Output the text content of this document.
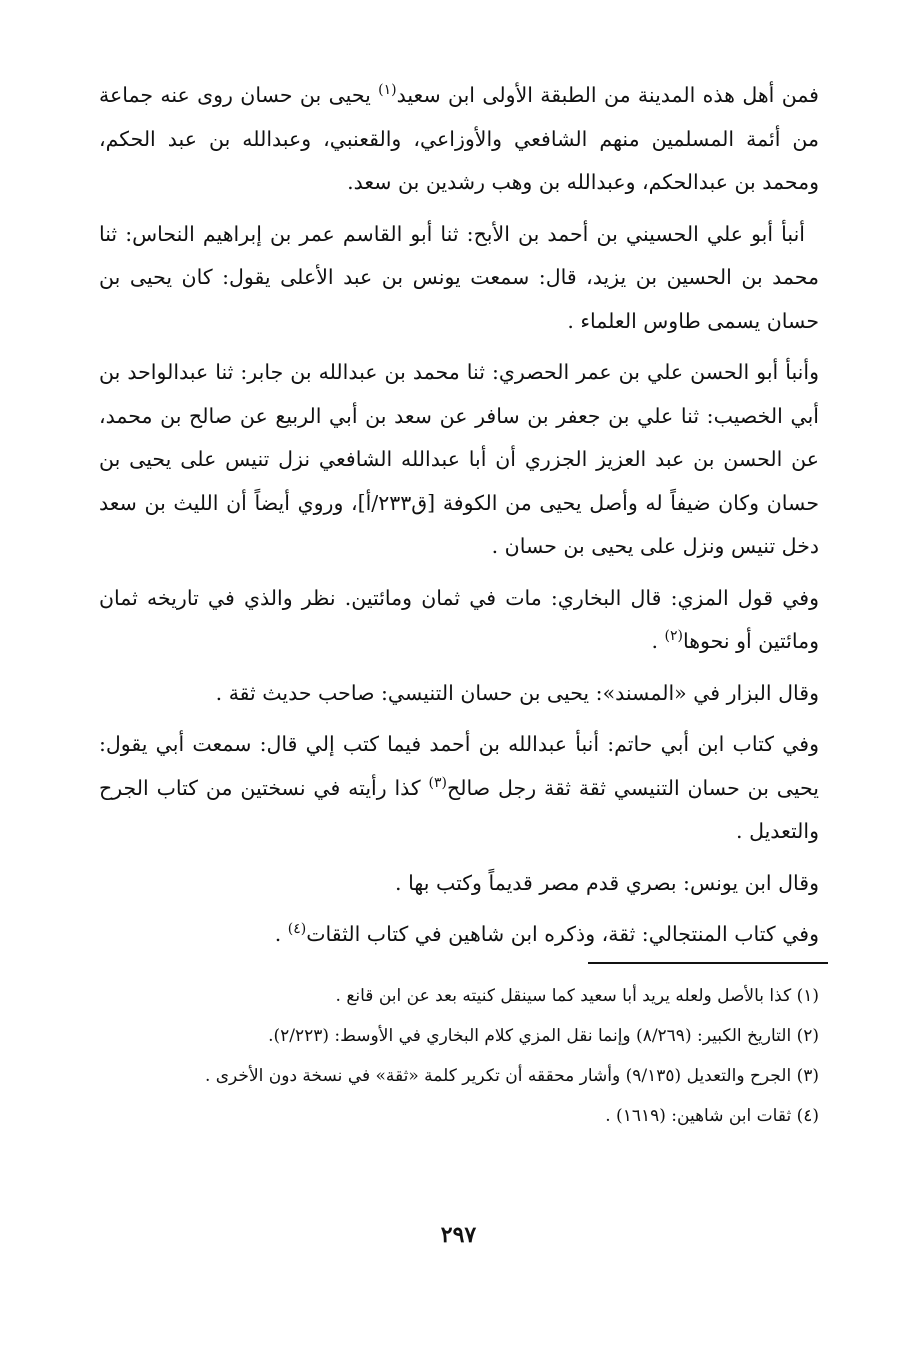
فمن أهل هذه المدينة من الطبقة الأولى ابن سعيد$^{(١)}$ يحيى بن حسان روى عنه جماعة من أئمة المسلمين منهم الشافعي والأوزاعي، والقعنبي، وعبدالله بن عبد الحكم، ومحمد بن عبدالحكم، وعبدالله بن وهب رشدين بن سعد.

أنبأ أبو علي الحسيني بن أحمد بن الأبح: ثنا أبو القاسم عمر بن إبراهيم النحاس: ثنا محمد بن الحسين بن يزيد، قال: سمعت يونس بن عبد الأعلى يقول: كان يحيى بن حسان يسمى طاوس العلماء .

وأنبأ أبو الحسن علي بن عمر الحصري: ثنا محمد بن عبدالله بن جابر: ثنا عبدالواحد بن أبي الخصيب: ثنا علي بن جعفر بن سافر عن سعد بن أبي الربيع عن صالح بن محمد، عن الحسن بن عبد العزيز الجزري أن أبا عبدالله الشافعي نزل تنيس على يحيى بن حسان وكان ضيفاً له وأصل يحيى من الكوفة [ق٢٣٣/أ]، وروي أيضاً أن الليث بن سعد دخل تنيس ونزل على يحيى بن حسان .

وفي قول المزي: قال البخاري: مات في ثمان ومائتين. نظر والذي في تاريخه ثمان ومائتين أو نحوها$^{(٢)}$ .

وقال البزار في «المسند»: يحيى بن حسان التنيسي: صاحب حديث ثقة .

وفي كتاب ابن أبي حاتم: أنبأ عبدالله بن أحمد فيما كتب إلي قال: سمعت أبي يقول: يحيى بن حسان التنيسي ثقة ثقة رجل صالح$^{(٣)}$ كذا رأيته في نسختين من كتاب الجرح والتعديل .

وقال ابن يونس: بصري قدم مصر قديماً وكتب بها .

وفي كتاب المنتجالي: ثقة، وذكره ابن شاهين في كتاب الثقات$^{(٤)}$ .

(١) كذا بالأصل ولعله يريد أبا سعيد كما سينقل كنيته بعد عن ابن قانع .

(٢) التاريخ الكبير: (٨/٢٦٩) وإنما نقل المزي كلام البخاري في الأوسط: (٢/٢٢٣).

(٣) الجرح والتعديل (٩/١٣٥) وأشار محققه أن تكرير كلمة «ثقة» في نسخة دون الأخرى .

(٤) ثقات ابن شاهين: (١٦١٩) .

٢٩٧
